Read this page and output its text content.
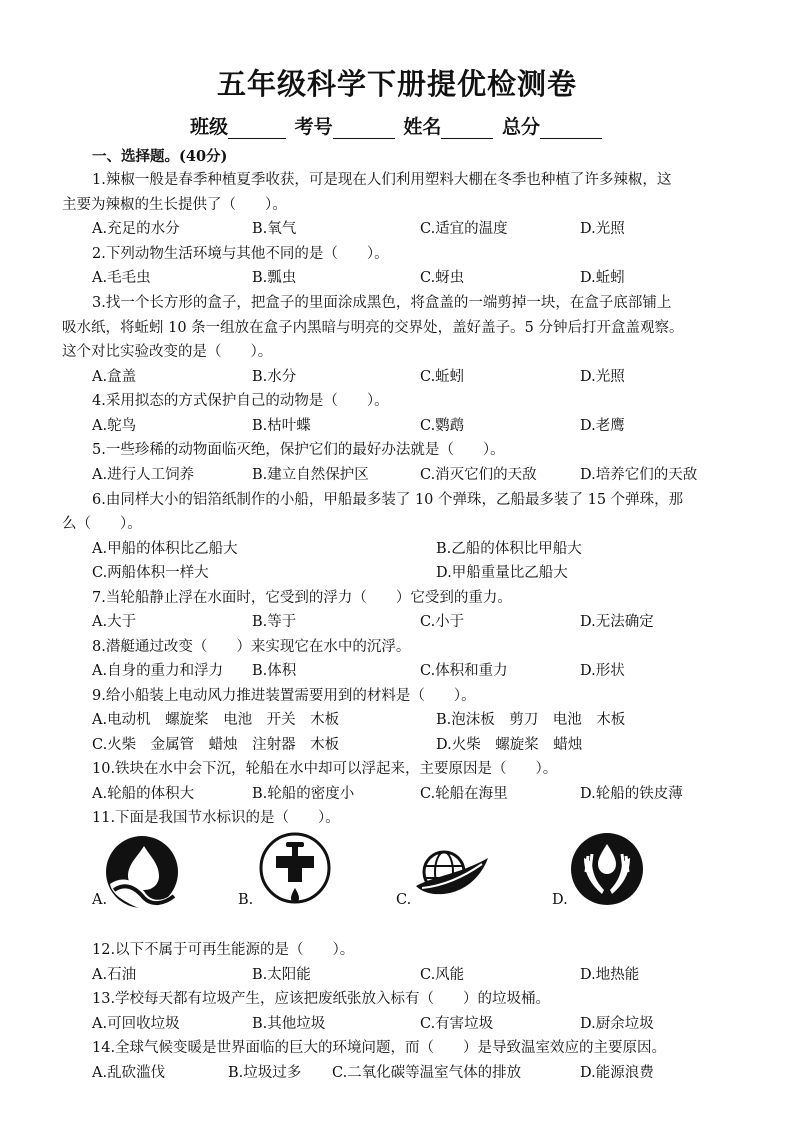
五年级科学下册提优检测卷
班级	考号	姓名	总分
一、选择题。(40分)
1.辣椒一般是春季种植夏季收获，可是现在人们利用塑料大棚在冬季也种植了许多辣椒，这
主要为辣椒的生长提供了（　　）。
A.充足的水分	B.氧气	C.适宜的温度	D.光照
2.下列动物生活环境与其他不同的是（　　）。
A.毛毛虫	B.瓢虫	C.蚜虫	D.蚯蚓
3.找一个长方形的盒子，把盒子的里面涂成黑色，将盒盖的一端剪掉一块，在盒子底部铺上
吸水纸，将蚯蚓 10 条一组放在盒子内黑暗与明亮的交界处，盖好盖子。5 分钟后打开盒盖观察。
这个对比实验改变的是（　　）。
A.盒盖	B.水分	C.蚯蚓	D.光照
4.采用拟态的方式保护自己的动物是（　　）。
A.鸵鸟	B.枯叶蝶	C.鹦鹉	D.老鹰
5.一些珍稀的动物面临灭绝，保护它们的最好办法就是（　　）。
A.进行人工饲养	B.建立自然保护区	C.消灭它们的天敌	D.培养它们的天敌
6.由同样大小的铝箔纸制作的小船，甲船最多装了 10 个弹珠，乙船最多装了 15 个弹珠，那
么（　　）。
A.甲船的体积比乙船大	B.乙船的体积比甲船大
C.两船体积一样大	D.甲船重量比乙船大
7.当轮船静止浮在水面时，它受到的浮力（　　）它受到的重力。
A.大于	B.等于	C.小于	D.无法确定
8.潜艇通过改变（　　）来实现它在水中的沉浮。
A.自身的重力和浮力 B.体积	C.体积和重力	D.形状
9.给小船装上电动风力推进装置需要用到的材料是（　　）。
A.电动机　螺旋桨　电池　开关　木板	B.泡沫板　剪刀　电池　木板
C.火柴　金属管　蜡烛　注射器　木板	D.火柴　螺旋桨　蜡烛
10.铁块在水中会下沉，轮船在水中却可以浮起来，主要原因是（　　）。
A.轮船的体积大	B.轮船的密度小	C.轮船在海里	D.轮船的铁皮薄
11.下面是我国节水标识的是（　　）。
A.	B.	C.	D.
12.以下不属于可再生能源的是（　　）。
A.石油	B.太阳能	C.风能	D.地热能
13.学校每天都有垃圾产生，应该把废纸张放入标有（　　）的垃圾桶。
A.可回收垃圾	B.其他垃圾	C.有害垃圾	D.厨余垃圾
14.全球气候变暖是世界面临的巨大的环境问题，而（　　）是导致温室效应的主要原因。
A.乱砍滥伐	B.垃圾过多 C.二氧化碳等温室气体的排放	D.能源浪费
